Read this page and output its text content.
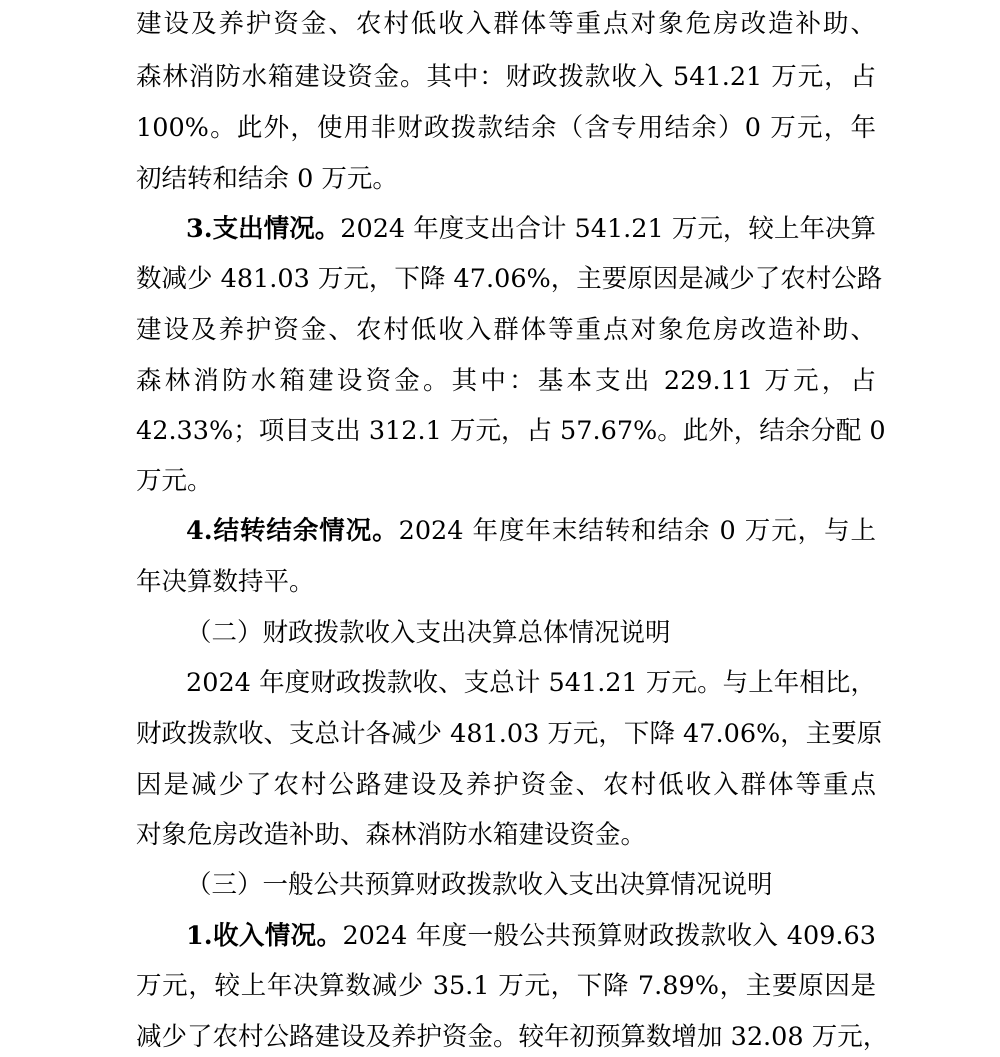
建设及养护资金、农村低收入群体等重点对象危房改造补助、
森林消防水箱建设资金。其中：财政拨款收入 541.21 万元，占
100%。此外，使用非财政拨款结余（含专用结余）0 万元，年
初结转和结余 0 万元。
3.支出情况。2024 年度支出合计 541.21 万元，较上年决算
数减少 481.03 万元，下降 47.06%，主要原因是减少了农村公路
建设及养护资金、农村低收入群体等重点对象危房改造补助、
森林消防水箱建设资金。其中：基本支出 229.11 万元，占
42.33%；项目支出 312.1 万元，占 57.67%。此外，结余分配 0
万元。
4.结转结余情况。2024 年度年末结转和结余 0 万元，与上
年决算数持平。
（二）财政拨款收入支出决算总体情况说明
2024 年度财政拨款收、支总计 541.21 万元。与上年相比，
财政拨款收、支总计各减少 481.03 万元，下降 47.06%，主要原
因是减少了农村公路建设及养护资金、农村低收入群体等重点
对象危房改造补助、森林消防水箱建设资金。
（三）一般公共预算财政拨款收入支出决算情况说明
1.收入情况。2024 年度一般公共预算财政拨款收入 409.63
万元，较上年决算数减少 35.1 万元，下降 7.89%，主要原因是
减少了农村公路建设及养护资金。较年初预算数增加 32.08 万元，
